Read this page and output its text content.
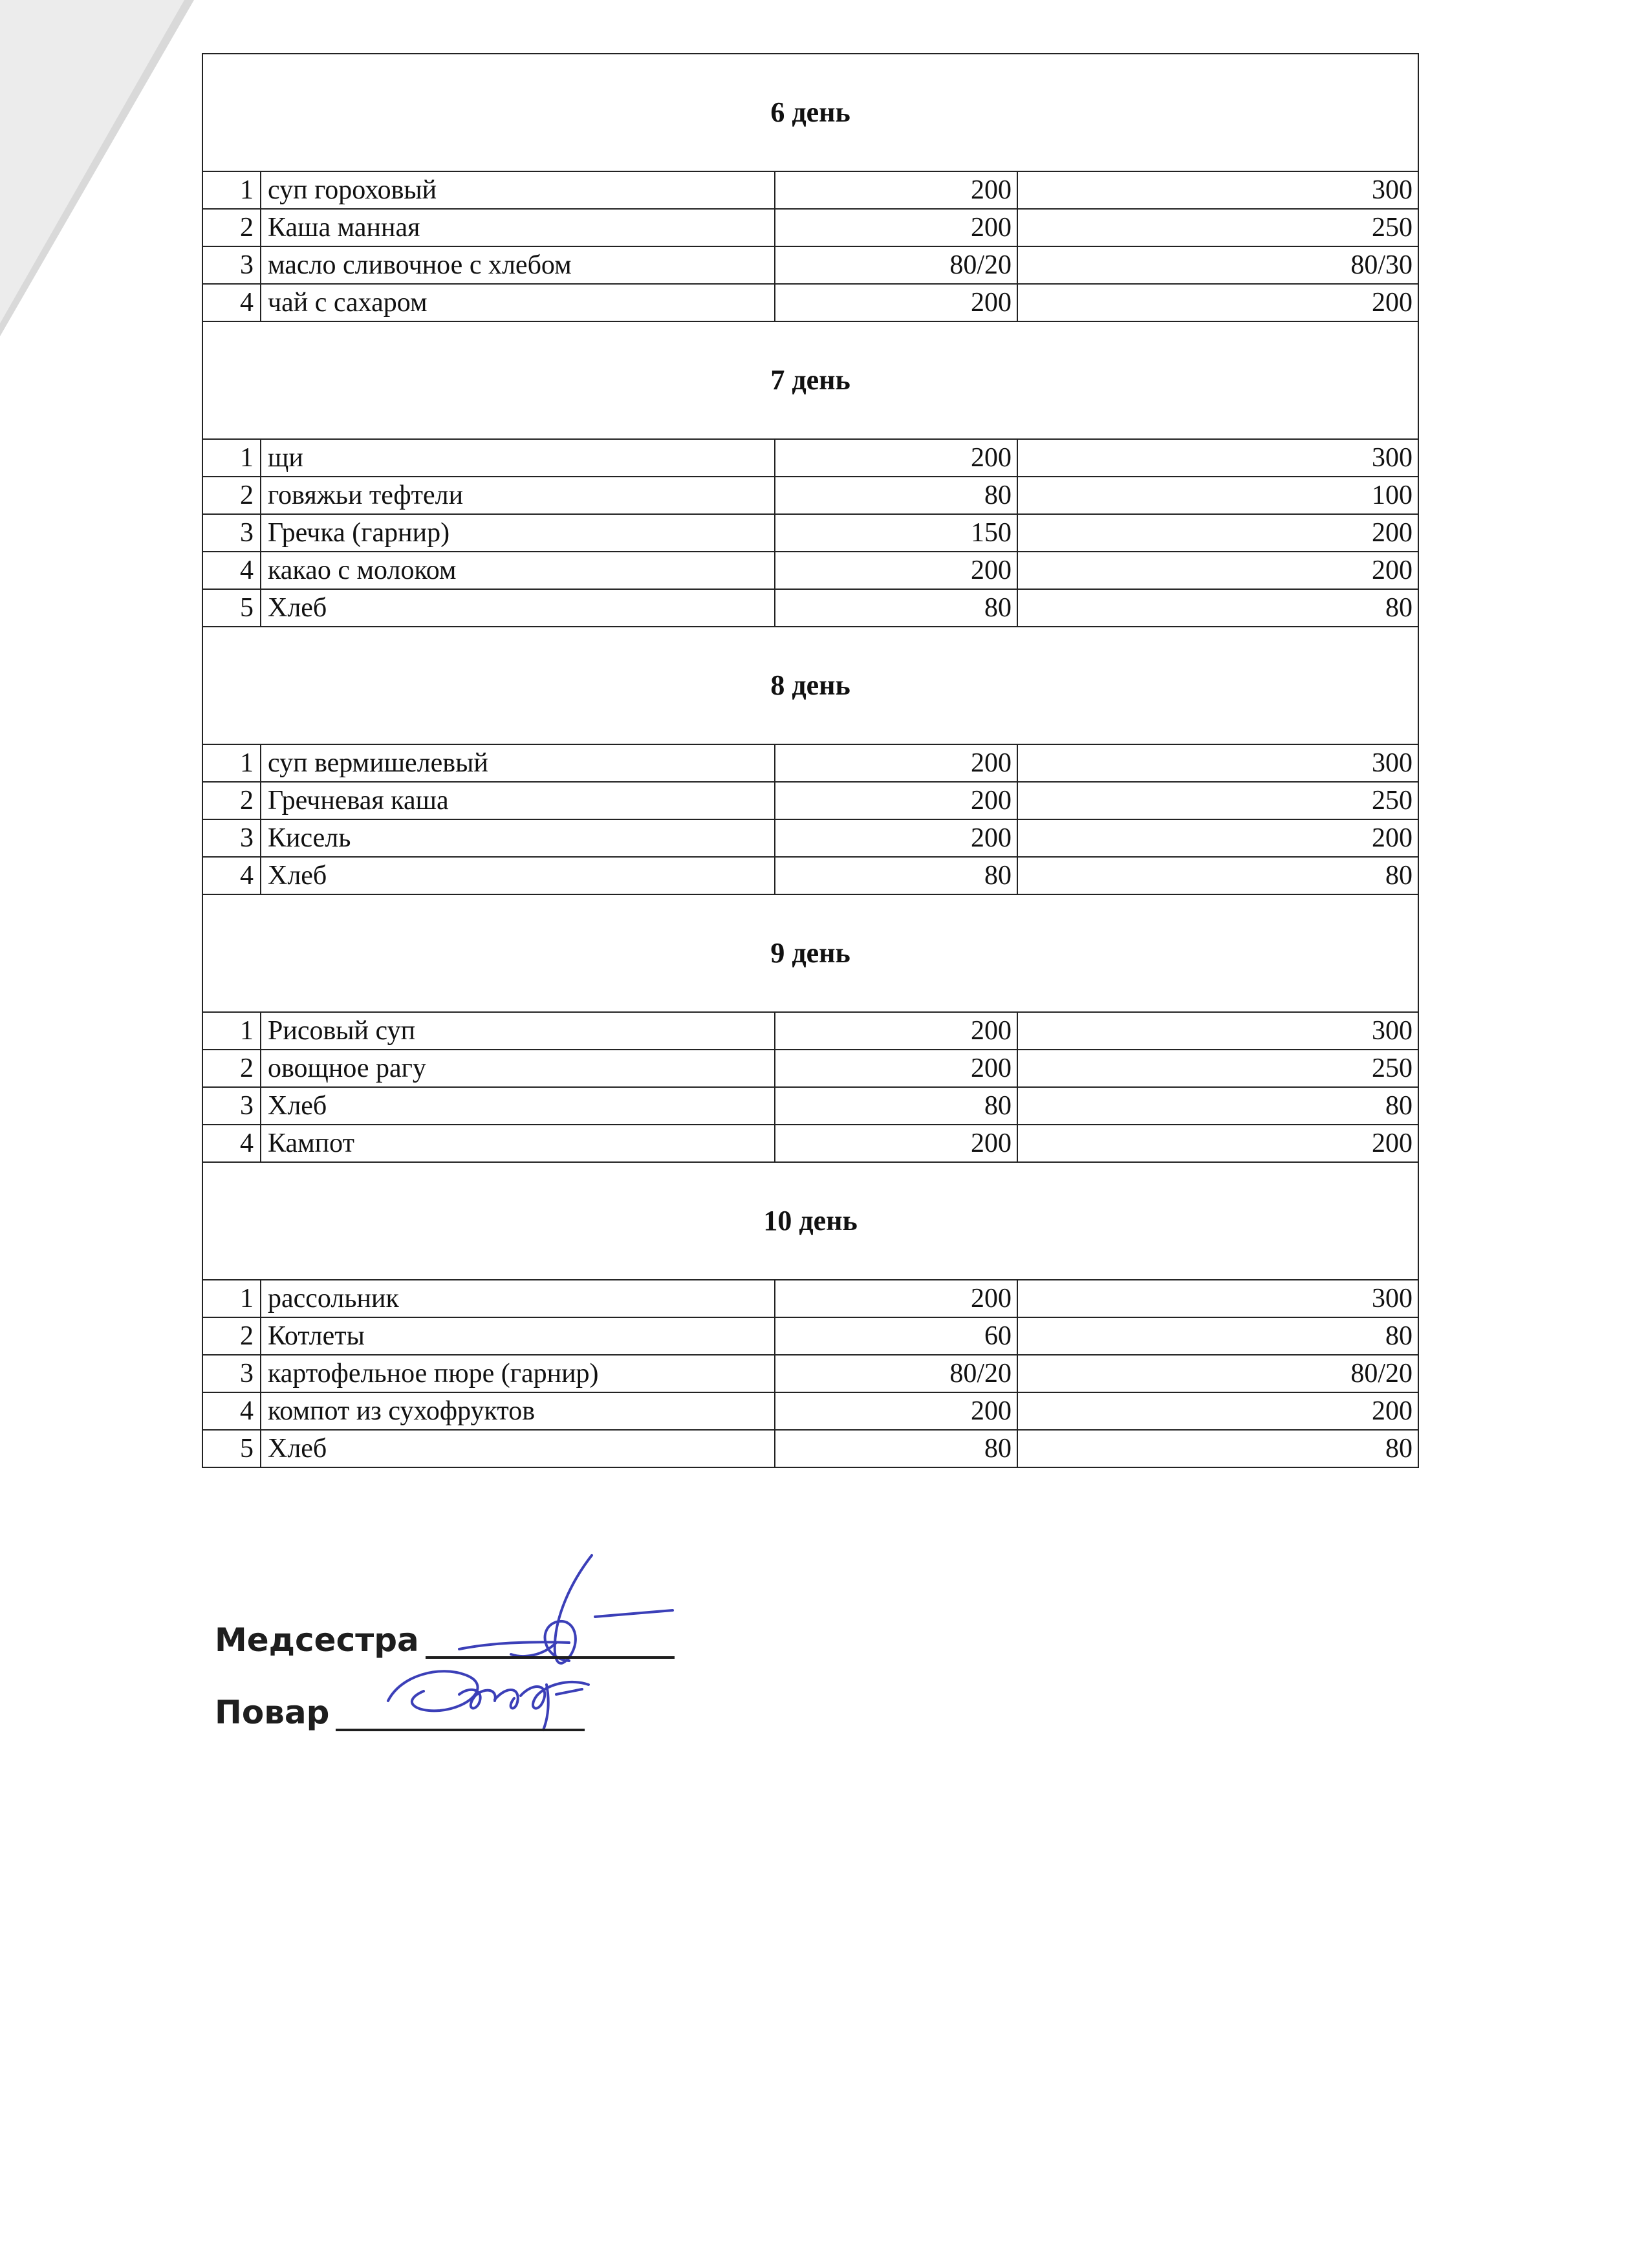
6 день			
1	суп гороховый	200	300
2	Каша манная	200	250
3	масло сливочное с хлебом	80/20	80/30
4	чай с сахаром	200	200
7 день			
1	щи	200	300
2	говяжьи тефтели	80	100
3	Гречка (гарнир)	150	200
4	какао с молоком	200	200
5	Хлеб	80	80
8 день			
1	суп вермишелевый	200	300
2	Гречневая каша	200	250
3	Кисель	200	200
4	Хлеб	80	80
9 день			
1	Рисовый суп	200	300
2	овощное рагу	200	250
3	Хлеб	80	80
4	Кампот	200	200
10 день			
1	рассольник	200	300
2	Котлеты	60	80
3	картофельное пюре (гарнир)	80/20	80/20
4	компот из сухофруктов	200	200
5	Хлеб	80	80
Медсестра
Повар
